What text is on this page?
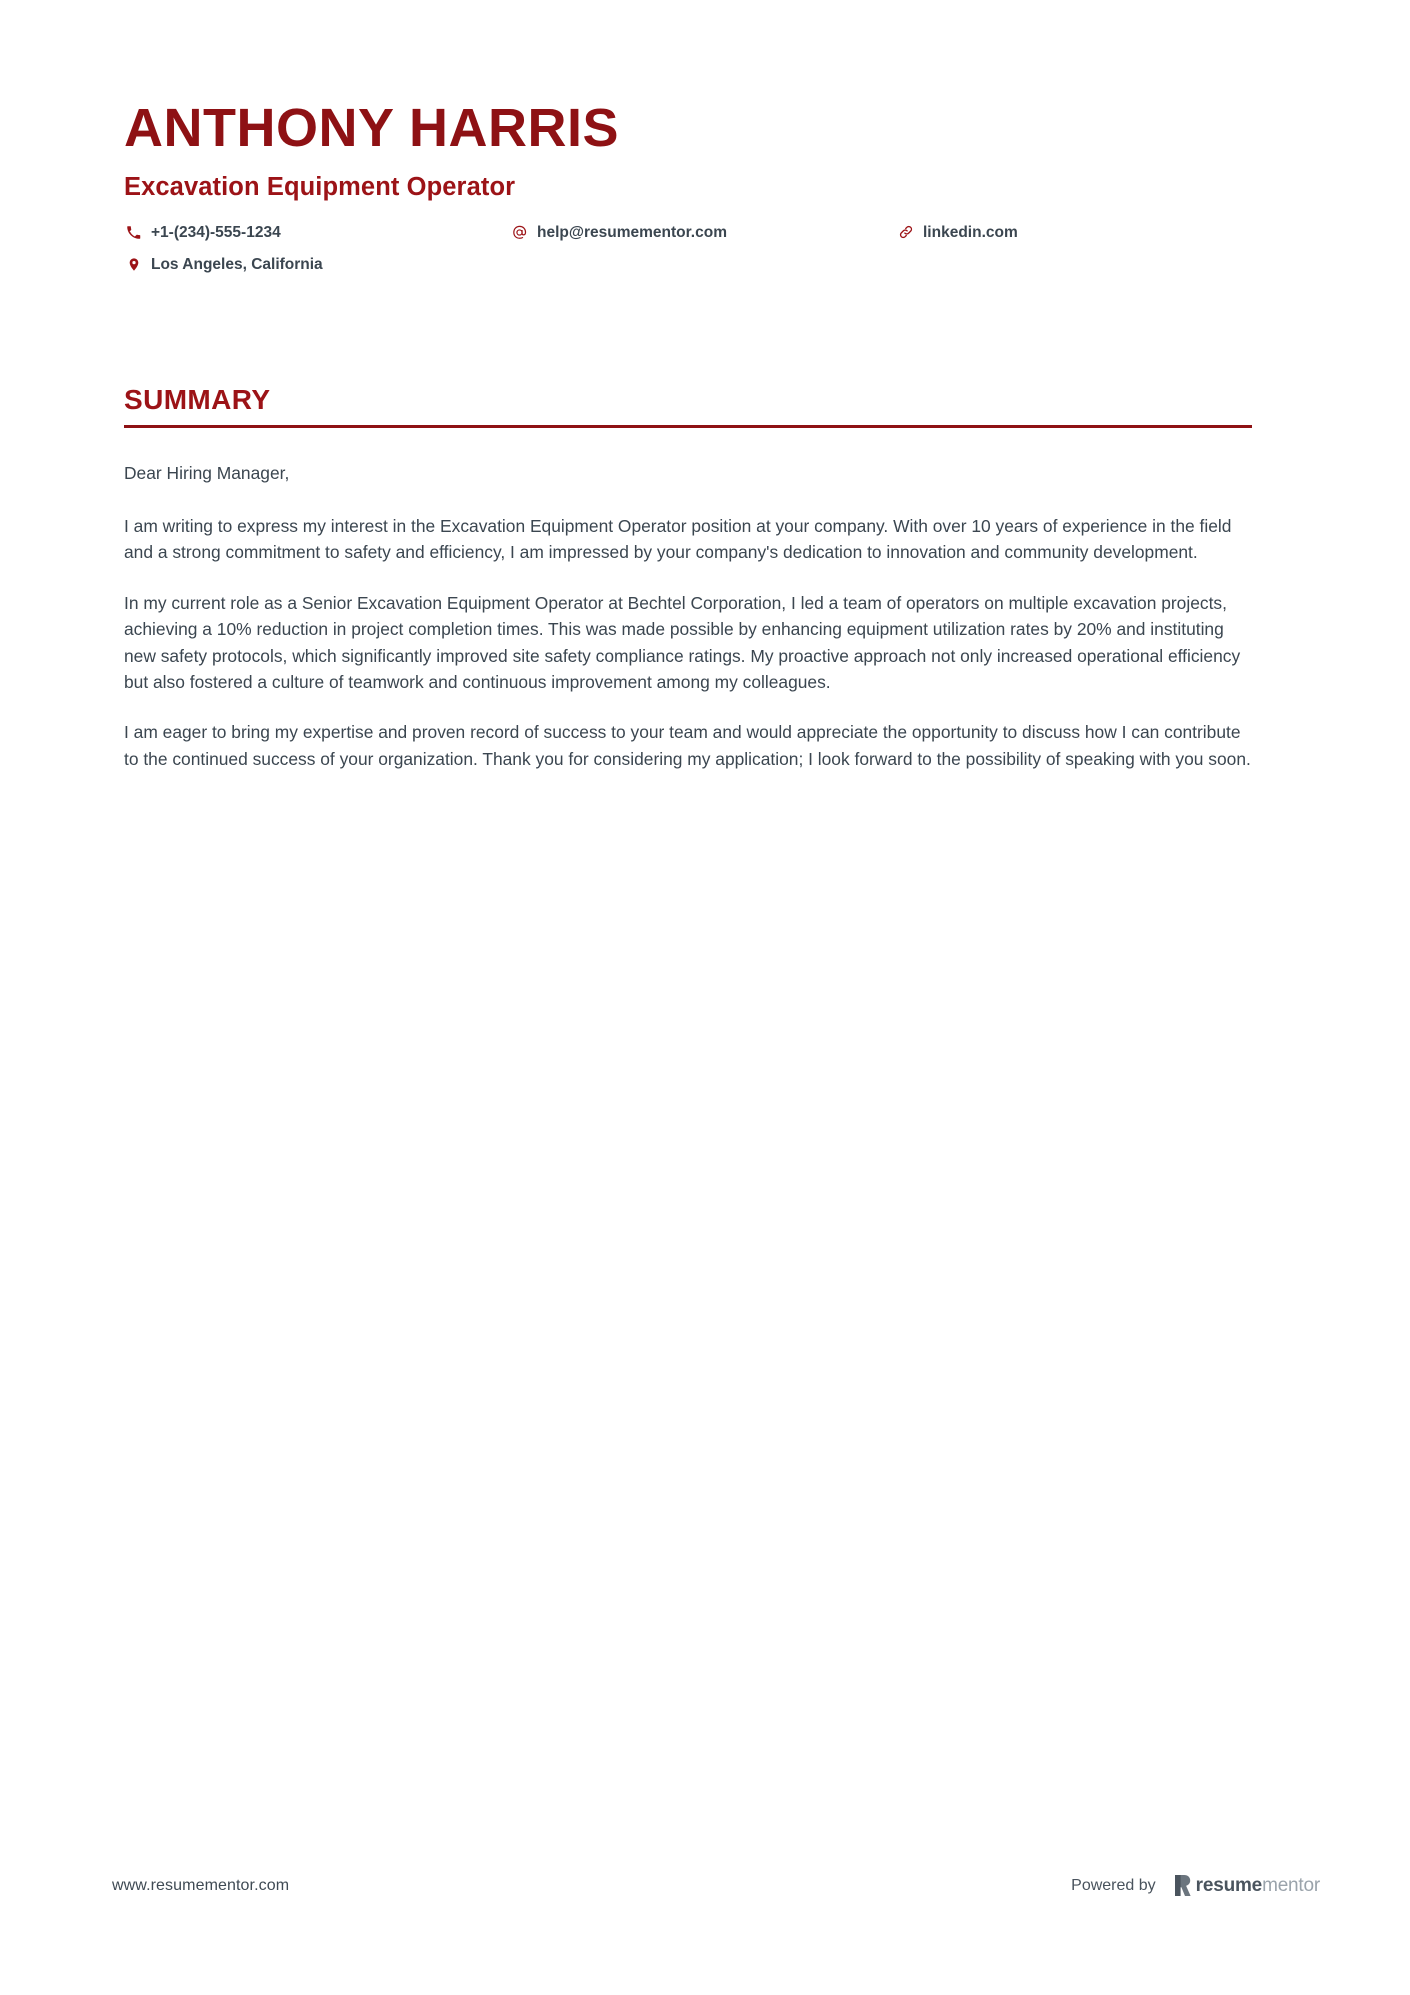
ANTHONY HARRIS
Excavation Equipment Operator
+1-(234)-555-1234	help@resumementor.com	linkedin.com
Los Angeles, California
SUMMARY

Dear Hiring Manager,

I am writing to express my interest in the Excavation Equipment Operator position at your company. With over 10 years of experience in the field and a strong commitment to safety and efficiency, I am impressed by your company's dedication to innovation and community development.

In my current role as a Senior Excavation Equipment Operator at Bechtel Corporation, I led a team of operators on multiple excavation projects, achieving a 10% reduction in project completion times. This was made possible by enhancing equipment utilization rates by 20% and instituting new safety protocols, which significantly improved site safety compliance ratings. My proactive approach not only increased operational efficiency but also fostered a culture of teamwork and continuous improvement among my colleagues.

I am eager to bring my expertise and proven record of success to your team and would appreciate the opportunity to discuss how I can contribute to the continued success of your organization. Thank you for considering my application; I look forward to the possibility of speaking with you soon.

www.resumementor.com	Powered by resumementor
